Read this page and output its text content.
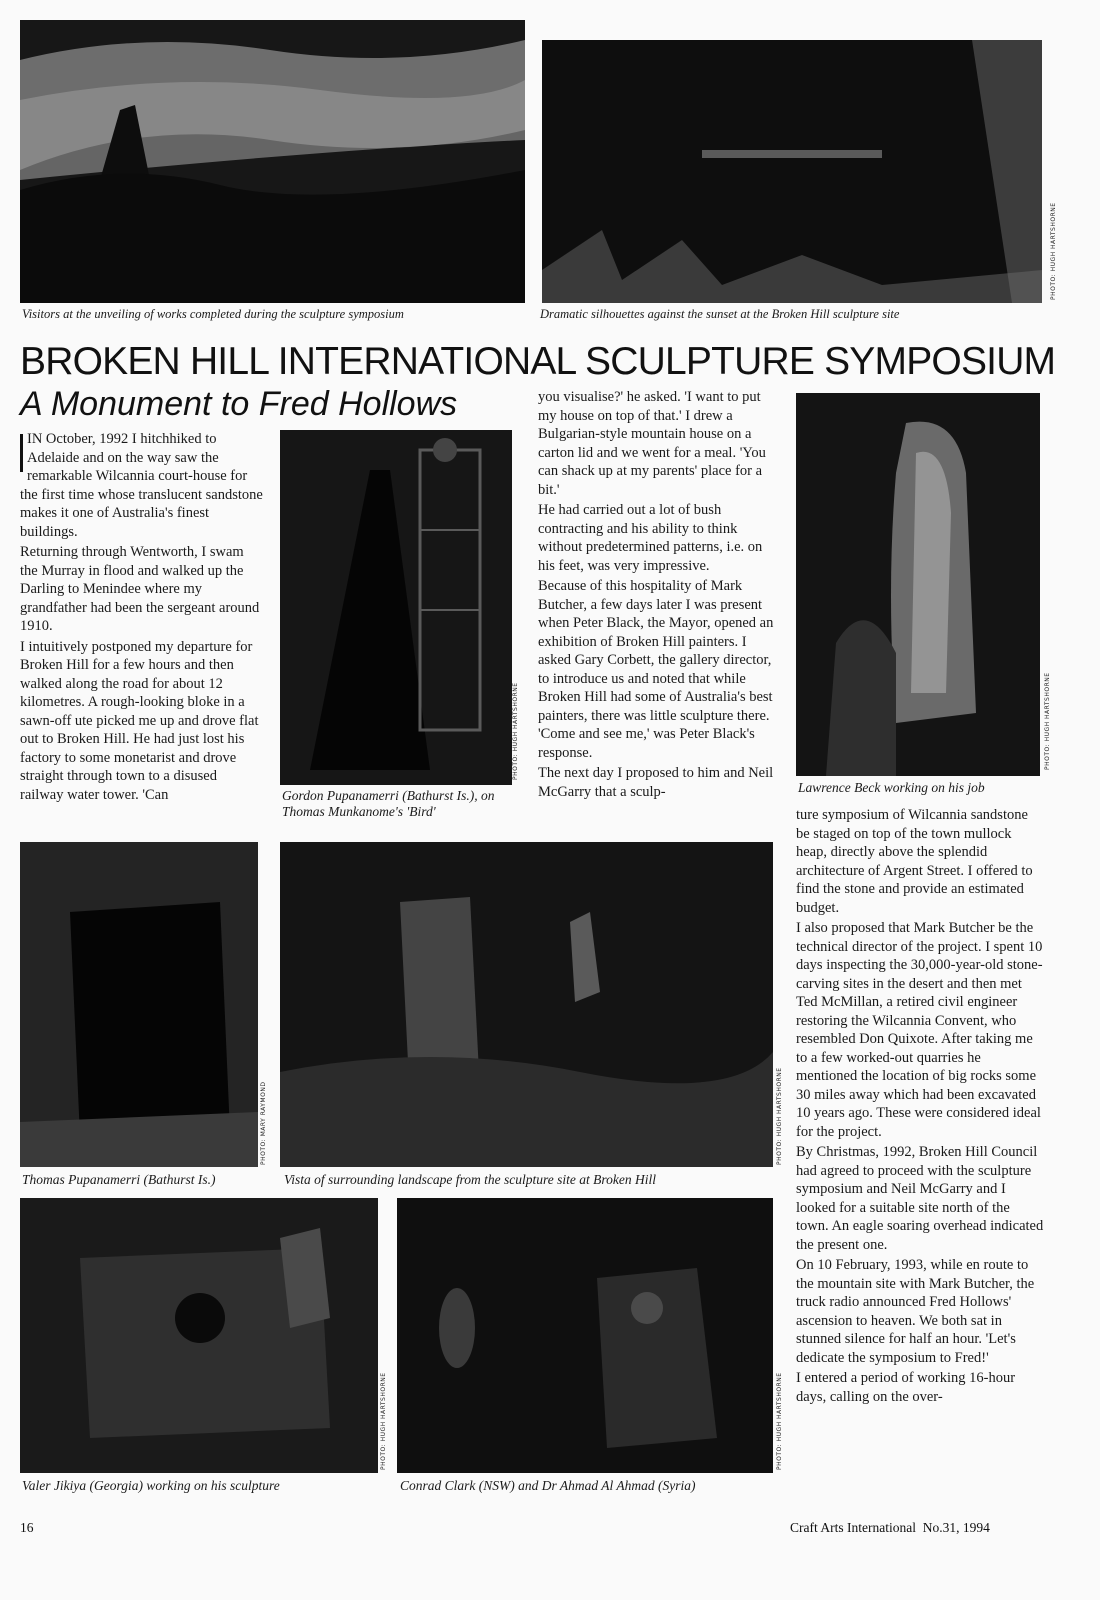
PHOTO: HUGH HARTSHORNE
Visitors at the unveiling of works completed during the sculpture symposium	Dramatic silhouettes against the sunset at the Broken Hill sculpture site
BROKEN HILL INTERNATIONAL SCULPTURE SYMPOSIUM
A Monument to Fred Hollows

IN October, 1992 I hitchhiked to Adelaide and on the way saw the remarkable Wilcannia court-house for the first time whose translucent sandstone makes it one of Australia's finest buildings.

Returning through Wentworth, I swam the Murray in flood and walked up the Darling to Menindee where my grandfather had been the sergeant around 1910.

I intuitively postponed my departure for Broken Hill for a few hours and then walked along the road for about 12 kilometres. A rough-looking bloke in a sawn-off ute picked me up and drove flat out to Broken Hill. He had just lost his factory to some monetarist and drove straight through town to a disused railway water tower. 'Can

PHOTO: HUGH HARTSHORNE
Gordon Pupanamerri (Bathurst Is.), on Thomas Munkanome's 'Bird'

you visualise?' he asked. 'I want to put my house on top of that.' I drew a Bulgarian-style mountain house on a carton lid and we went for a meal. 'You can shack up at my parents' place for a bit.'

He had carried out a lot of bush contracting and his ability to think without predetermined patterns, i.e. on his feet, was very impressive.

Because of this hospitality of Mark Butcher, a few days later I was present when Peter Black, the Mayor, opened an exhibition of Broken Hill painters. I asked Gary Corbett, the gallery director, to introduce us and noted that while Broken Hill had some of Australia's best painters, there was little sculpture there. 'Come and see me,' was Peter Black's response.

The next day I proposed to him and Neil McGarry that a sculp-

PHOTO: HUGH HARTSHORNE
Lawrence Beck working on his job

ture symposium of Wilcannia sandstone be staged on top of the town mullock heap, directly above the splendid architecture of Argent Street. I offered to find the stone and provide an estimated budget.

I also proposed that Mark Butcher be the technical director of the project. I spent 10 days inspecting the 30,000-year-old stone-carving sites in the desert and then met Ted McMillan, a retired civil engineer restoring the Wilcannia Convent, who resembled Don Quixote. After taking me to a few worked-out quarries he mentioned the location of big rocks some 30 miles away which had been excavated 10 years ago. These were considered ideal for the project.

By Christmas, 1992, Broken Hill Council had agreed to proceed with the sculpture symposium and Neil McGarry and I looked for a suitable site north of the town. An eagle soaring overhead indicated the present one.

On 10 February, 1993, while en route to the mountain site with Mark Butcher, the truck radio announced Fred Hollows' ascension to heaven. We both sat in stunned silence for half an hour. 'Let's dedicate the symposium to Fred!'

I entered a period of working 16-hour days, calling on the over-

PHOTO: MARY RAYMOND
Thomas Pupanamerri (Bathurst Is.)
PHOTO: HUGH HARTSHORNE
Vista of surrounding landscape from the sculpture site at Broken Hill
PHOTO: HUGH HARTSHORNE
Valer Jikiya (Georgia) working on his sculpture
PHOTO: HUGH HARTSHORNE
Conrad Clark (NSW) and Dr Ahmad Al Ahmad (Syria)
16	Craft Arts International  No.31, 1994
